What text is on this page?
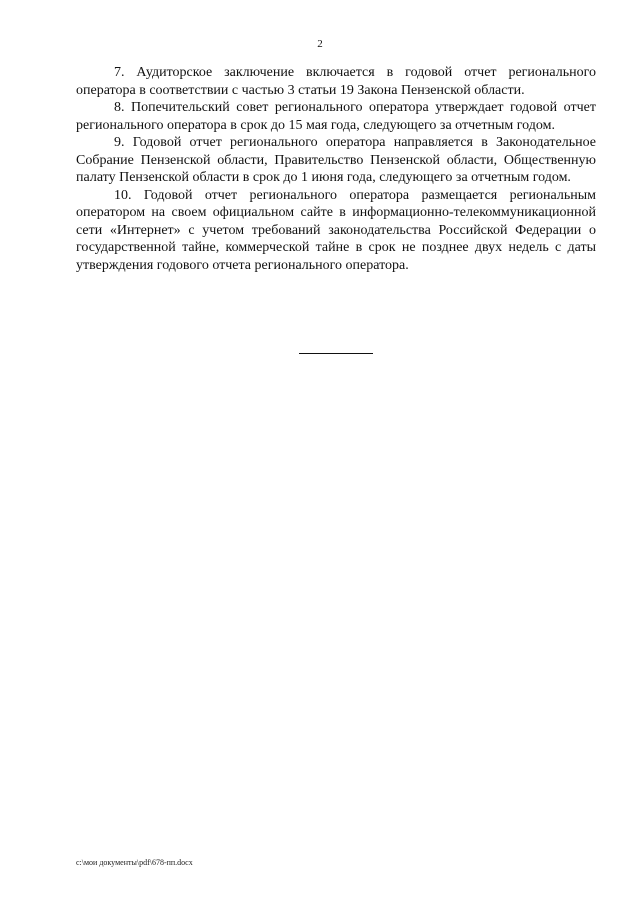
2

7. Аудиторское заключение включается в годовой отчет регионального оператора в соответствии с частью 3 статьи 19 Закона Пензенской области.

8. Попечительский совет регионального оператора утверждает годовой отчет регионального оператора в срок до 15 мая года, следующего за отчетным годом.

9. Годовой отчет регионального оператора направляется в Законодательное Собрание Пензенской области, Правительство Пензенской области, Общественную палату Пензенской области в срок до 1 июня года, следующего за отчетным годом.

10. Годовой отчет регионального оператора размещается региональным оператором на своем официальном сайте в информационно-телекоммуникационной сети «Интернет» с учетом требований законодательства Российской Федерации о государственной тайне, коммерческой тайне в срок не позднее двух недель с даты утверждения годового отчета регионального оператора.

c:\мои документы\pdf\678-пп.docx
